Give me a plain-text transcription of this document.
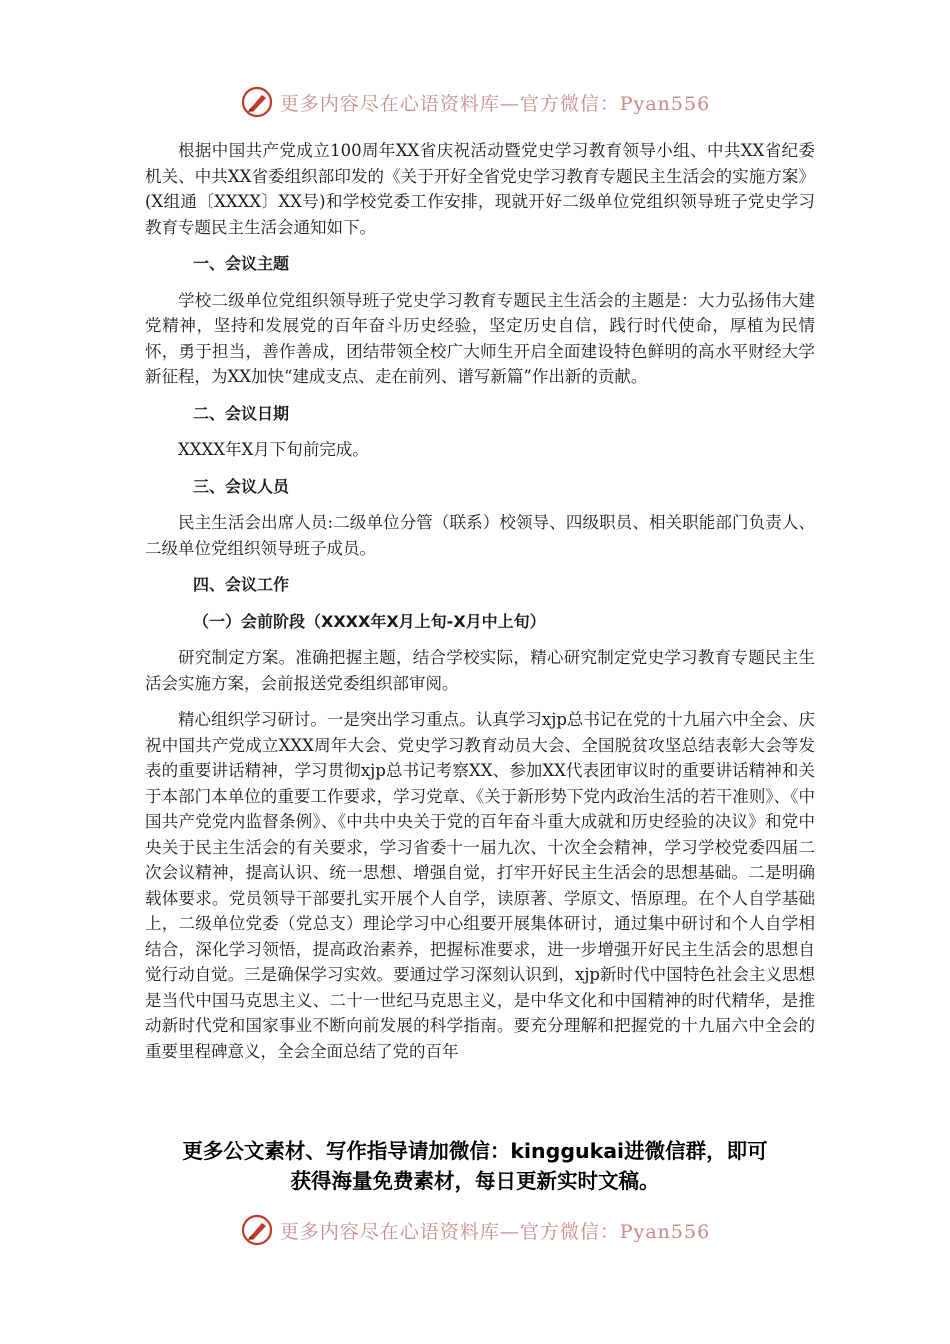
更多内容尽在心语资料库—官方微信：Pyan556

根据中国共产党成立100周年XX省庆祝活动暨党史学习教育领导小组、中共XX省纪委机关、中共XX省委组织部印发的《关于开好全省党史学习教育专题民主生活会的实施方案》(X组通〔XXXX〕XX号)和学校党委工作安排，现就开好二级单位党组织领导班子党史学习教育专题民主生活会通知如下。

一、会议主题

学校二级单位党组织领导班子党史学习教育专题民主生活会的主题是：大力弘扬伟大建党精神，坚持和发展党的百年奋斗历史经验，坚定历史自信，践行时代使命，厚植为民情怀，勇于担当，善作善成，团结带领全校广大师生开启全面建设特色鲜明的高水平财经大学新征程，为XX加快“建成支点、走在前列、谱写新篇”作出新的贡献。

二、会议日期

XXXX年X月下旬前完成。

三、会议人员

民主生活会出席人员:二级单位分管（联系）校领导、四级职员、相关职能部门负责人、二级单位党组织领导班子成员。

四、会议工作

（一）会前阶段（XXXX年X月上旬-X月中上旬）

研究制定方案。准确把握主题，结合学校实际，精心研究制定党史学习教育专题民主生活会实施方案，会前报送党委组织部审阅。

精心组织学习研讨。一是突出学习重点。认真学习xjp总书记在党的十九届六中全会、庆祝中国共产党成立XXX周年大会、党史学习教育动员大会、全国脱贫攻坚总结表彰大会等发表的重要讲话精神，学习贯彻xjp总书记考察XX、参加XX代表团审议时的重要讲话精神和关于本部门本单位的重要工作要求，学习党章、《关于新形势下党内政治生活的若干准则》、《中国共产党党内监督条例》、《中共中央关于党的百年奋斗重大成就和历史经验的决议》和党中央关于民主生活会的有关要求，学习省委十一届九次、十次全会精神，学习学校党委四届二次会议精神，提高认识、统一思想、增强自觉，打牢开好民主生活会的思想基础。二是明确载体要求。党员领导干部要扎实开展个人自学，读原著、学原文、悟原理。在个人自学基础上，二级单位党委（党总支）理论学习中心组要开展集体研讨，通过集中研讨和个人自学相结合，深化学习领悟，提高政治素养，把握标准要求，进一步增强开好民主生活会的思想自觉行动自觉。三是确保学习实效。要通过学习深刻认识到，xjp新时代中国特色社会主义思想是当代中国马克思主义、二十一世纪马克思主义，是中华文化和中国精神的时代精华，是推动新时代党和国家事业不断向前发展的科学指南。要充分理解和把握党的十九届六中全会的重要里程碑意义，全会全面总结了党的百年

更多公文素材、写作指导请加微信：kinggukai进微信群，即可
获得海量免费素材，每日更新实时文稿。
更多内容尽在心语资料库—官方微信：Pyan556
